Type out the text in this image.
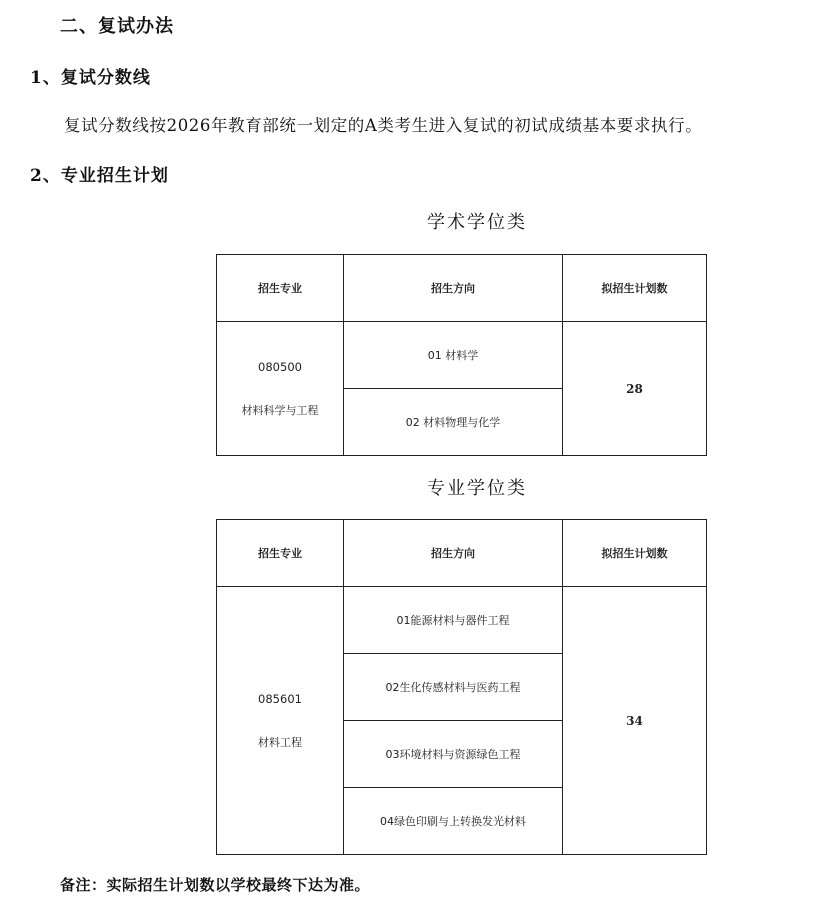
二、复试办法
1、复试分数线
复试分数线按2026年教育部统一划定的A类考生进入复试的初试成绩基本要求执行。
2、专业招生计划
学术学位类
招生专业	招生方向	拟招生计划数

080500
材料科学与工程	01 材料学	28
	02 材料物理与化学	
专业学位类
招生专业	招生方向	拟招生计划数

085601
材料工程	01能源材料与器件工程	34
	02生化传感材料与医药工程	
	03环境材料与资源绿色工程	
	04绿色印刷与上转换发光材料	
备注：实际招生计划数以学校最终下达为准。
